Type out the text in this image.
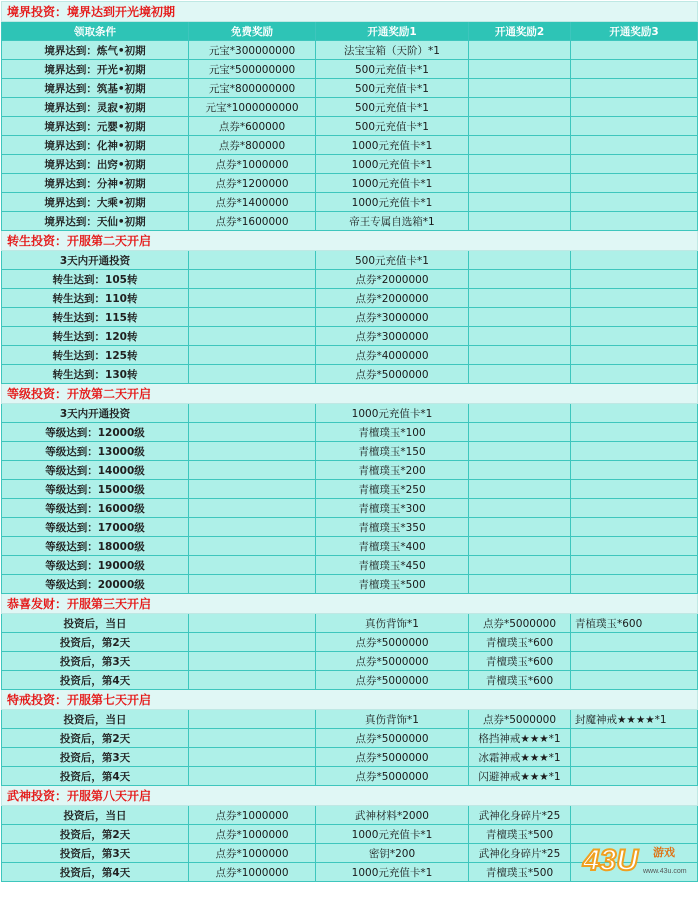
境界投资：境界达到开光境初期				
领取条件	免费奖励	开通奖励1	开通奖励2	开通奖励3
境界达到：炼气•初期	元宝*300000000	法宝宝箱（天阶）*1		
境界达到：开光•初期	元宝*500000000	500元充值卡*1		
境界达到：筑基•初期	元宝*800000000	500元充值卡*1		
境界达到：灵寂•初期	元宝*1000000000	500元充值卡*1		
境界达到：元婴•初期	点券*600000	500元充值卡*1		
境界达到：化神•初期	点券*800000	1000元充值卡*1		
境界达到：出窍•初期	点券*1000000	1000元充值卡*1		
境界达到：分神•初期	点券*1200000	1000元充值卡*1		
境界达到：大乘•初期	点券*1400000	1000元充值卡*1		
境界达到：天仙•初期	点券*1600000	帝王专属自选箱*1		
转生投资：开服第二天开启				
3天内开通投资		500元充值卡*1		
转生达到：105转		点券*2000000		
转生达到：110转		点券*2000000		
转生达到：115转		点券*3000000		
转生达到：120转		点券*3000000		
转生达到：125转		点券*4000000		
转生达到：130转		点券*5000000		
等级投资：开放第二天开启				
3天内开通投资		1000元充值卡*1		
等级达到：12000级		青檀璞玉*100		
等级达到：13000级		青檀璞玉*150		
等级达到：14000级		青檀璞玉*200		
等级达到：15000级		青檀璞玉*250		
等级达到：16000级		青檀璞玉*300		
等级达到：17000级		青檀璞玉*350		
等级达到：18000级		青檀璞玉*400		
等级达到：19000级		青檀璞玉*450		
等级达到：20000级		青檀璞玉*500		
恭喜发财：开服第三天开启				
投资后，当日		真伤背饰*1	点券*5000000	青植璞玉*600
投资后，第2天		点券*5000000	青檀璞玉*600	
投资后，第3天		点券*5000000	青檀璞玉*600	
投资后，第4天		点券*5000000	青檀璞玉*600	
特戒投资：开服第七天开启				
投资后，当日		真伤背饰*1	点券*5000000	封魔神戒★★★★*1
投资后，第2天		点券*5000000	格挡神戒★★★*1	
投资后，第3天		点券*5000000	冰霜神戒★★★*1	
投资后，第4天		点券*5000000	闪避神戒★★★*1	
武神投资：开服第八天开启				
投资后，当日	点券*1000000	武神材料*2000	武神化身碎片*25	
投资后，第2天	点券*1000000	1000元充值卡*1	青檀璞玉*500	
投资后，第3天	点券*1000000	密钥*200	武神化身碎片*25	
投资后，第4天	点券*1000000	1000元充值卡*1	青檀璞玉*500	43U 游戏
www.43u.com
